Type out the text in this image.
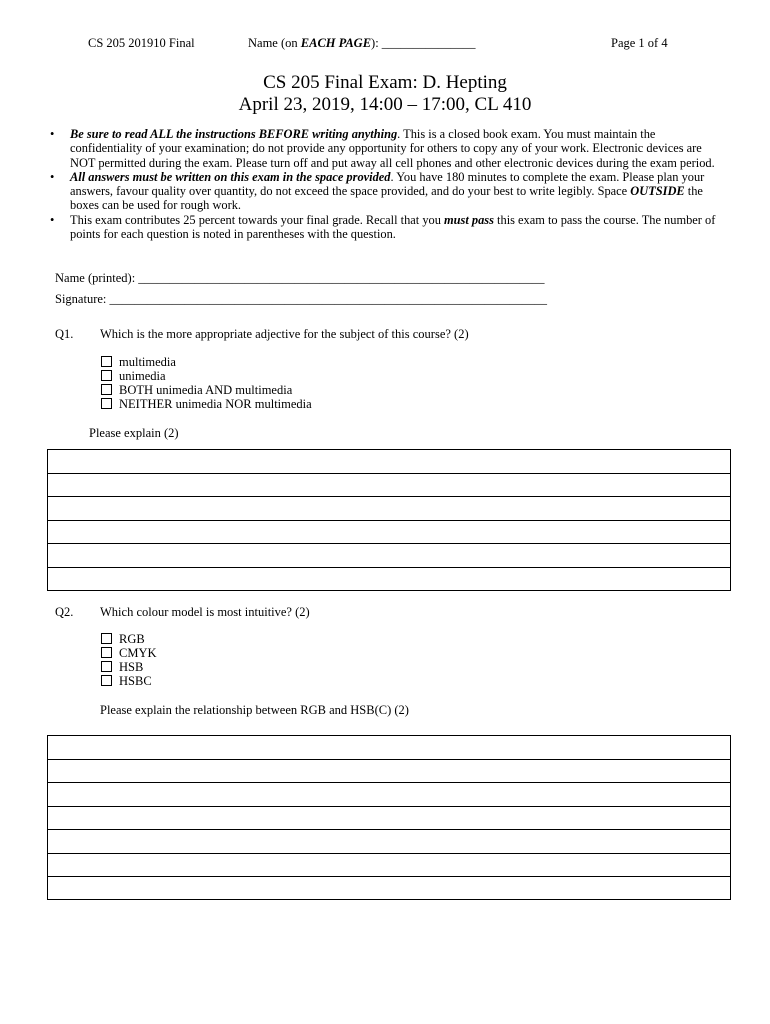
CS 205 201910 Final	Name (on EACH PAGE): _______________	Page 1 of 4
CS 205 Final Exam: D. Hepting
April 23, 2019, 14:00 – 17:00, CL 410
• Be sure to read ALL the instructions BEFORE writing anything. This is a closed book exam. You must maintain the confidentiality of your examination; do not provide any opportunity for others to copy any of your work. Electronic devices are NOT permitted during the exam. Please turn off and put away all cell phones and other electronic devices during the exam period.
• All answers must be written on this exam in the space provided. You have 180 minutes to complete the exam. Please plan your answers, favour quality over quantity, do not exceed the space provided, and do your best to write legibly. Space OUTSIDE the boxes can be used for rough work.
• This exam contributes 25 percent towards your final grade. Recall that you must pass this exam to pass the course. The number of points for each question is noted in parentheses with the question.
Name (printed): _________________________________________________________________
Signature: ______________________________________________________________________
Q1. Which is the more appropriate adjective for the subject of this course? (2)
multimedia
unimedia
BOTH unimedia AND multimedia
NEITHER unimedia NOR multimedia
Please explain (2)
Q2. Which colour model is most intuitive? (2)
RGB
CMYK
HSB
HSBC
Please explain the relationship between RGB and HSB(C) (2)
